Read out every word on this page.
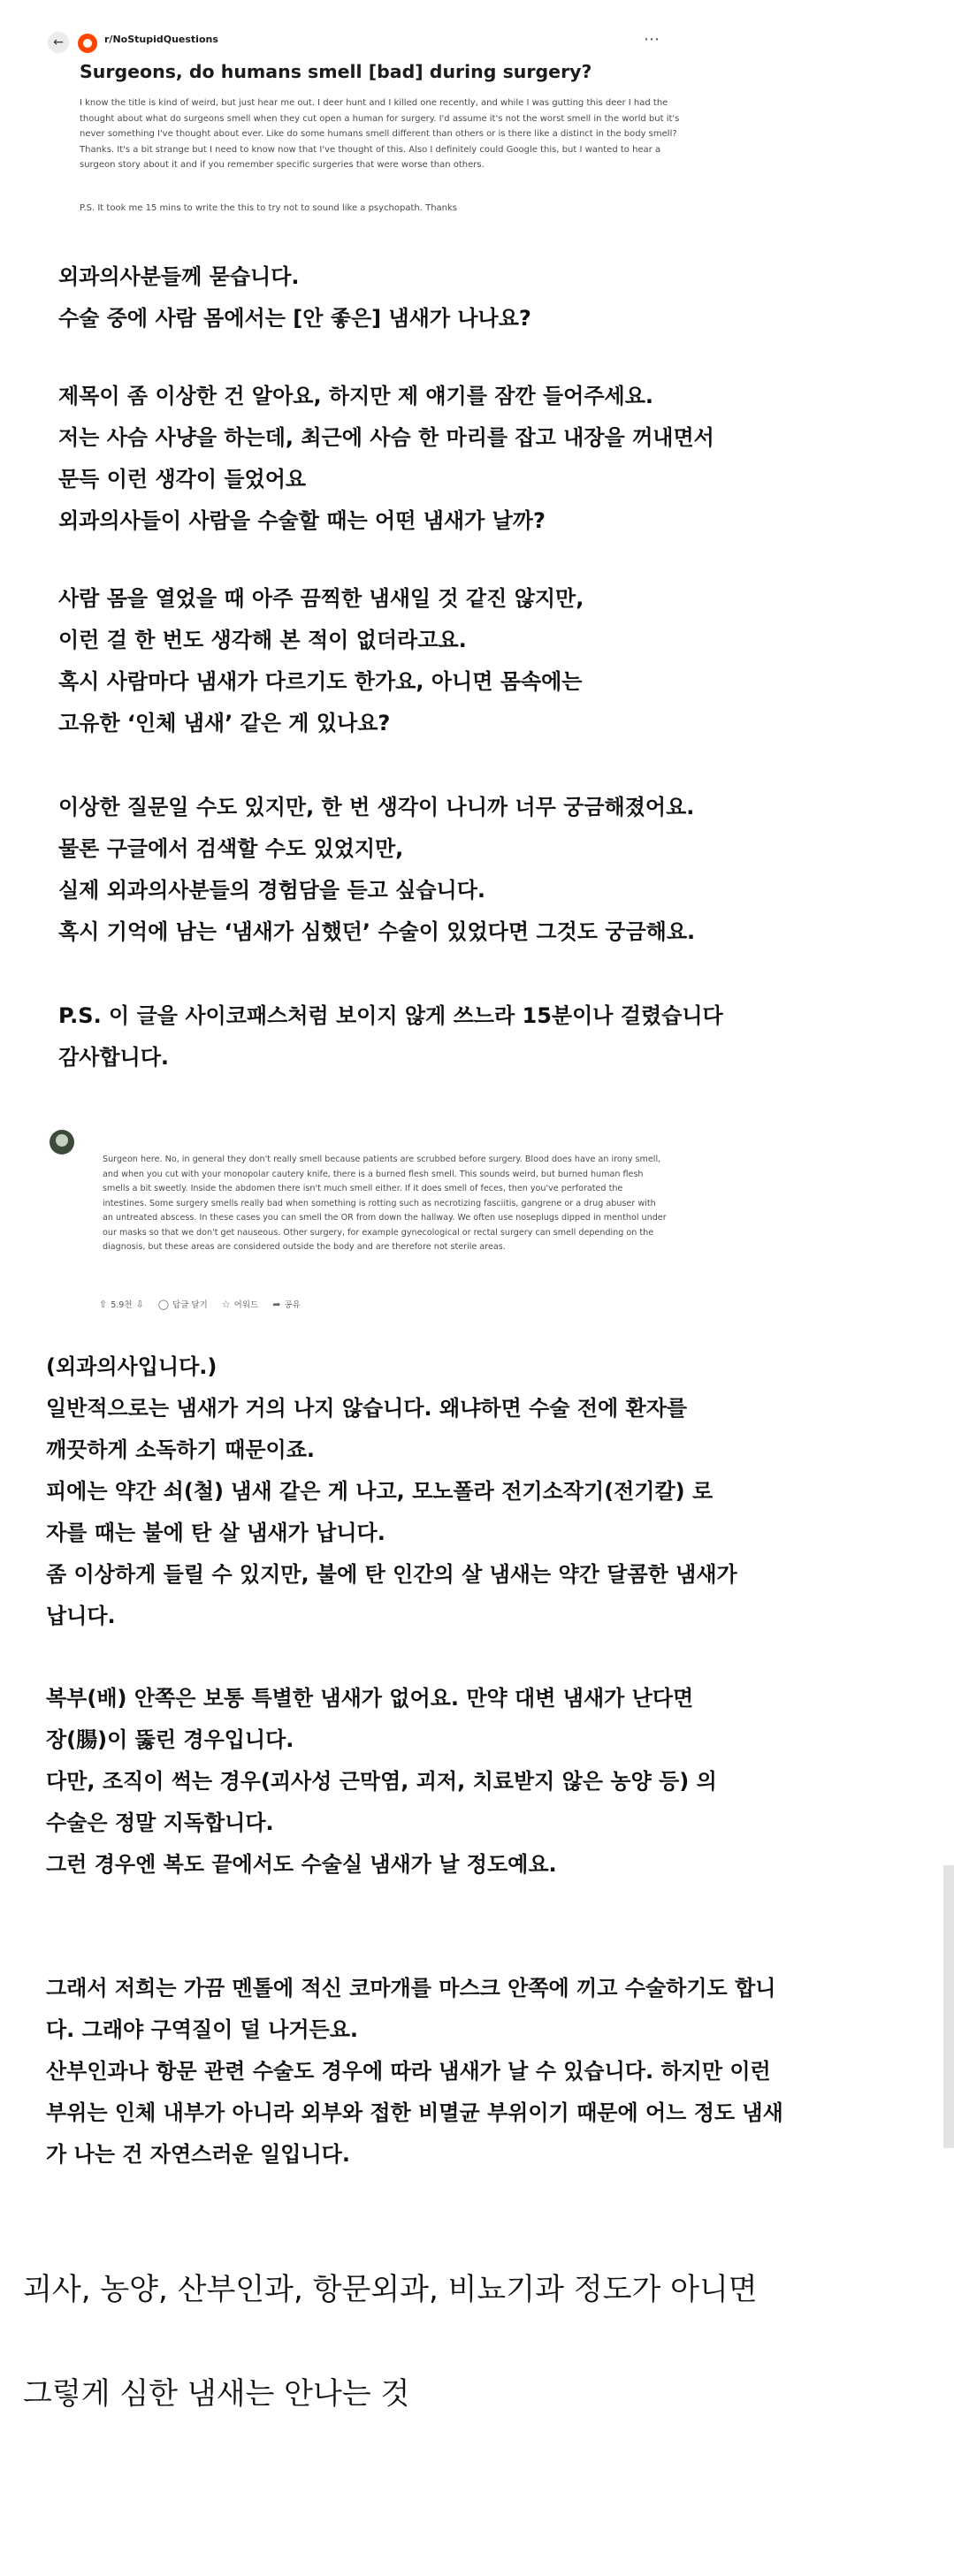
←	r/NoStupidQuestions	⋯
Surgeons, do humans smell [bad] during surgery?

I know the title is kind of weird, but just hear me out. I deer hunt and I killed one recently, and while I was gutting this deer I had the thought about what do surgeons smell when they cut open a human for surgery. I'd assume it's not the worst smell in the world but it's never something I've thought about ever. Like do some humans smell different than others or is there like a distinct in the body smell? Thanks. It's a bit strange but I need to know now that I've thought of this. Also I definitely could Google this, but I wanted to hear a surgeon story about it and if you remember specific surgeries that were worse than others.

P.S. It took me 15 mins to write the this to try not to sound like a psychopath. Thanks

외과의사분들께 묻습니다.
수술 중에 사람 몸에서는 [안 좋은] 냄새가 나나요?

제목이 좀 이상한 건 알아요, 하지만 제 얘기를 잠깐 들어주세요.
저는 사슴 사냥을 하는데, 최근에 사슴 한 마리를 잡고 내장을 꺼내면서
문득 이런 생각이 들었어요
외과의사들이 사람을 수술할 때는 어떤 냄새가 날까?

사람 몸을 열었을 때 아주 끔찍한 냄새일 것 같진 않지만,
이런 걸 한 번도 생각해 본 적이 없더라고요.
혹시 사람마다 냄새가 다르기도 한가요, 아니면 몸속에는
고유한 ‘인체 냄새’ 같은 게 있나요?

이상한 질문일 수도 있지만, 한 번 생각이 나니까 너무 궁금해졌어요.
물론 구글에서 검색할 수도 있었지만,
실제 외과의사분들의 경험담을 듣고 싶습니다.
혹시 기억에 남는 ‘냄새가 심했던’ 수술이 있었다면 그것도 궁금해요.

P.S. 이 글을 사이코패스처럼 보이지 않게 쓰느라 15분이나 걸렸습니다
감사합니다.

Surgeon here. No, in general they don't really smell because patients are scrubbed before surgery. Blood does have an irony smell, and when you cut with your monopolar cautery knife, there is a burned flesh smell. This sounds weird, but burned human flesh smells a bit sweetly. Inside the abdomen there isn't much smell either. If it does smell of feces, then you've perforated the intestines. Some surgery smells really bad when something is rotting such as necrotizing fasciitis, gangrene or a drug abuser with an untreated abscess. In these cases you can smell the OR from down the hallway. We often use noseplugs dipped in menthol under our masks so that we don't get nauseous. Other surgery, for example gynecological or rectal surgery can smell depending on the diagnosis, but these areas are considered outside the body and are therefore not sterile areas.

⇧ 5.9천 ⇩ ◯ 답글 달기 ☆ 어워드 ➦ 공유

(외과의사입니다.)
일반적으로는 냄새가 거의 나지 않습니다. 왜냐하면 수술 전에 환자를
깨끗하게 소독하기 때문이죠.
피에는 약간 쇠(철) 냄새 같은 게 나고, 모노폴라 전기소작기(전기칼) 로
자를 때는 불에 탄 살 냄새가 납니다.
좀 이상하게 들릴 수 있지만, 불에 탄 인간의 살 냄새는 약간 달콤한 냄새가
납니다.

복부(배) 안쪽은 보통 특별한 냄새가 없어요. 만약 대변 냄새가 난다면
장(腸)이 뚫린 경우입니다.
다만, 조직이 썩는 경우(괴사성 근막염, 괴저, 치료받지 않은 농양 등) 의
수술은 정말 지독합니다.
그런 경우엔 복도 끝에서도 수술실 냄새가 날 정도예요.

그래서 저희는 가끔 멘톨에 적신 코마개를 마스크 안쪽에 끼고 수술하기도 합니
다. 그래야 구역질이 덜 나거든요.

산부인과나 항문 관련 수술도 경우에 따라 냄새가 날 수 있습니다. 하지만 이런
부위는 인체 내부가 아니라 외부와 접한 비멸균 부위이기 때문에 어느 정도 냄새
가 나는 건 자연스러운 일입니다.

괴사, 농양, 산부인과, 항문외과, 비뇨기과 정도가 아니면

그렇게 심한 냄새는 안나는 것
